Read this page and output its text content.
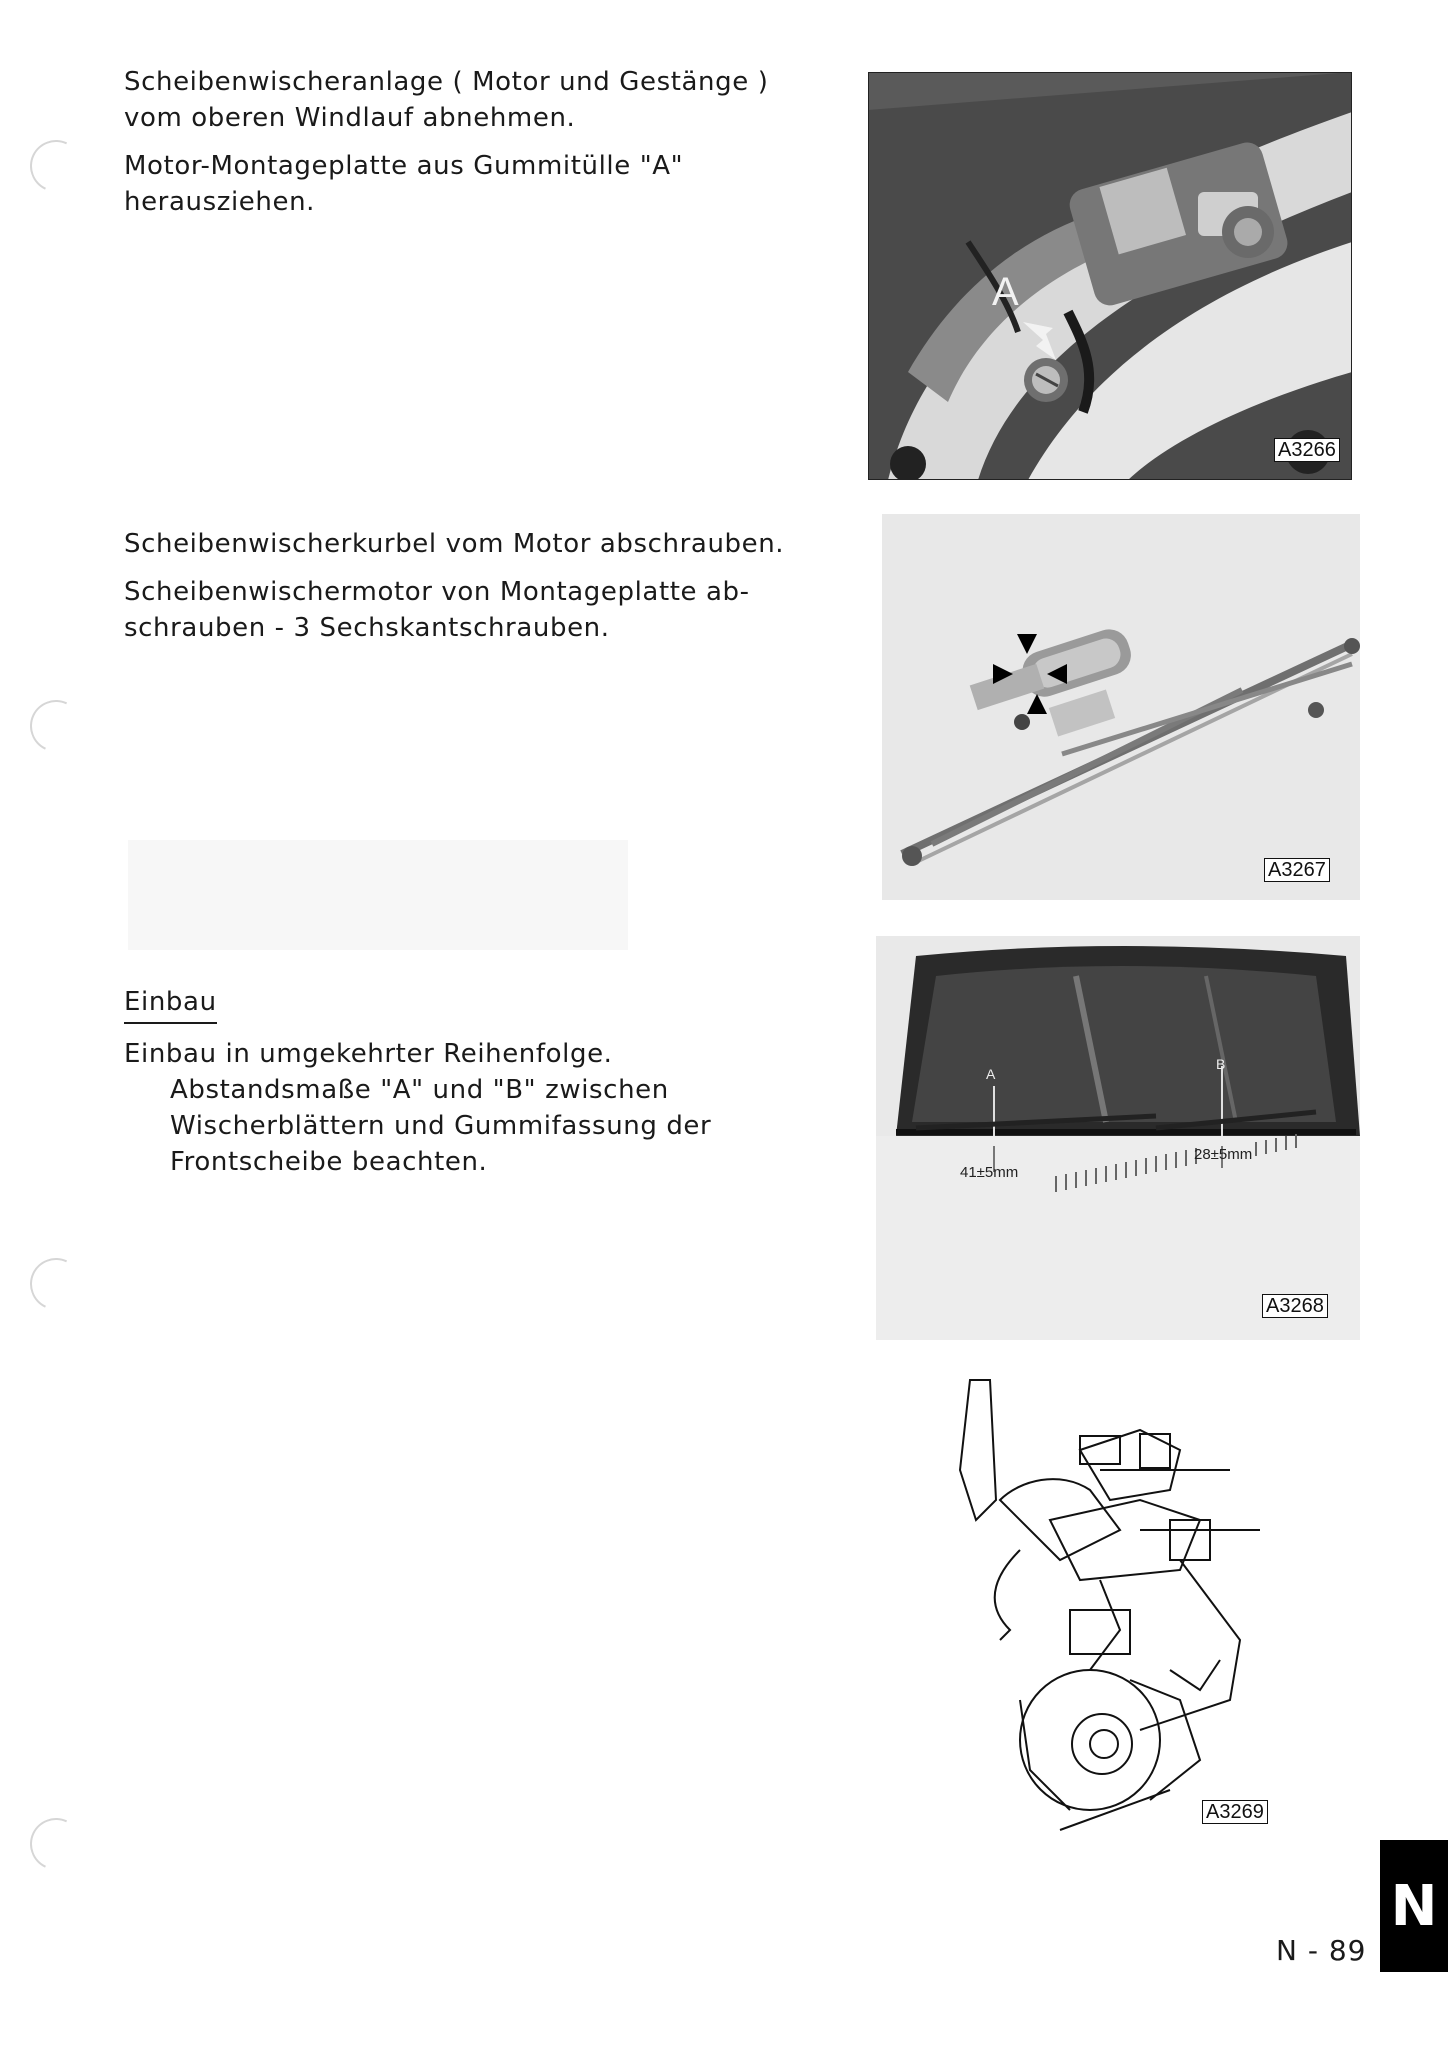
Scheibenwischeranlage ( Motor und Gestänge )

vom oberen Windlauf abnehmen.

Motor-Montageplatte aus Gummitülle "A"

herausziehen.

Scheibenwischerkurbel vom Motor abschrauben.

Scheibenwischermotor von Montageplatte ab-

schrauben - 3 Sechskantschrauben.

Einbau

Einbau in umgekehrter Reihenfolge.

Abstandsmaße "A" und "B" zwischen

Wischerblättern und Gummifassung der

Frontscheibe beachten.

A
A3266
A3267
A
B
41±5mm
28±5mm
A3268
A3269
N
N - 89
